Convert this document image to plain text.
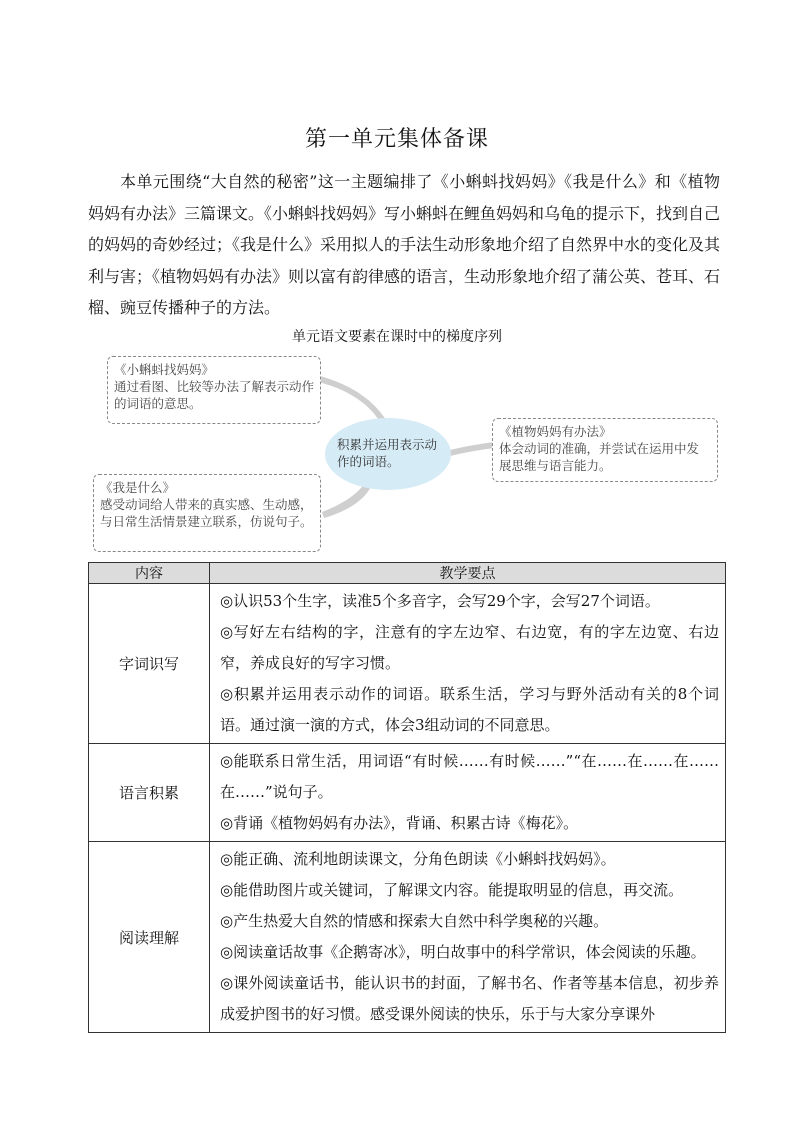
第一单元集体备课
本单元围绕“大自然的秘密”这一主题编排了《小蝌蚪找妈妈》《我是什么》和《植物妈妈有办法》三篇课文。《小蝌蚪找妈妈》写小蝌蚪在鲤鱼妈妈和乌龟的提示下，找到自己的妈妈的奇妙经过；《我是什么》采用拟人的手法生动形象地介绍了自然界中水的变化及其利与害；《植物妈妈有办法》则以富有韵律感的语言，生动形象地介绍了蒲公英、苍耳、石榴、豌豆传播种子的方法。
单元语文要素在课时中的梯度序列
积累并运用表示动作的词语。
《小蝌蚪找妈妈》
通过看图、比较等办法了解表示动作的词语的意思。
《植物妈妈有办法》
体会动词的准确，并尝试在运用中发展思维与语言能力。
《我是什么》
感受动词给人带来的真实感、生动感，与日常生活情景建立联系，仿说句子。
内容	教学要点
字词识写	◎认识53个生字，读准5个多音字，会写29个字，会写27个词语。
◎写好左右结构的字，注意有的字左边窄、右边宽，有的字左边宽、右边窄，养成良好的写字习惯。
◎积累并运用表示动作的词语。联系生活，学习与野外活动有关的8个词语。通过演一演的方式，体会3组动词的不同意思。

语言积累	◎能联系日常生活，用词语“有时候……有时候……”“在……在……在……在……”说句子。
◎背诵《植物妈妈有办法》，背诵、积累古诗《梅花》。

阅读理解	◎能正确、流利地朗读课文，分角色朗读《小蝌蚪找妈妈》。
◎能借助图片或关键词，了解课文内容。能提取明显的信息，再交流。
◎产生热爱大自然的情感和探索大自然中科学奥秘的兴趣。
◎阅读童话故事《企鹅寄冰》，明白故事中的科学常识，体会阅读的乐趣。
◎课外阅读童话书，能认识书的封面，了解书名、作者等基本信息，初步养成爱护图书的好习惯。感受课外阅读的快乐，乐于与大家分享课外
